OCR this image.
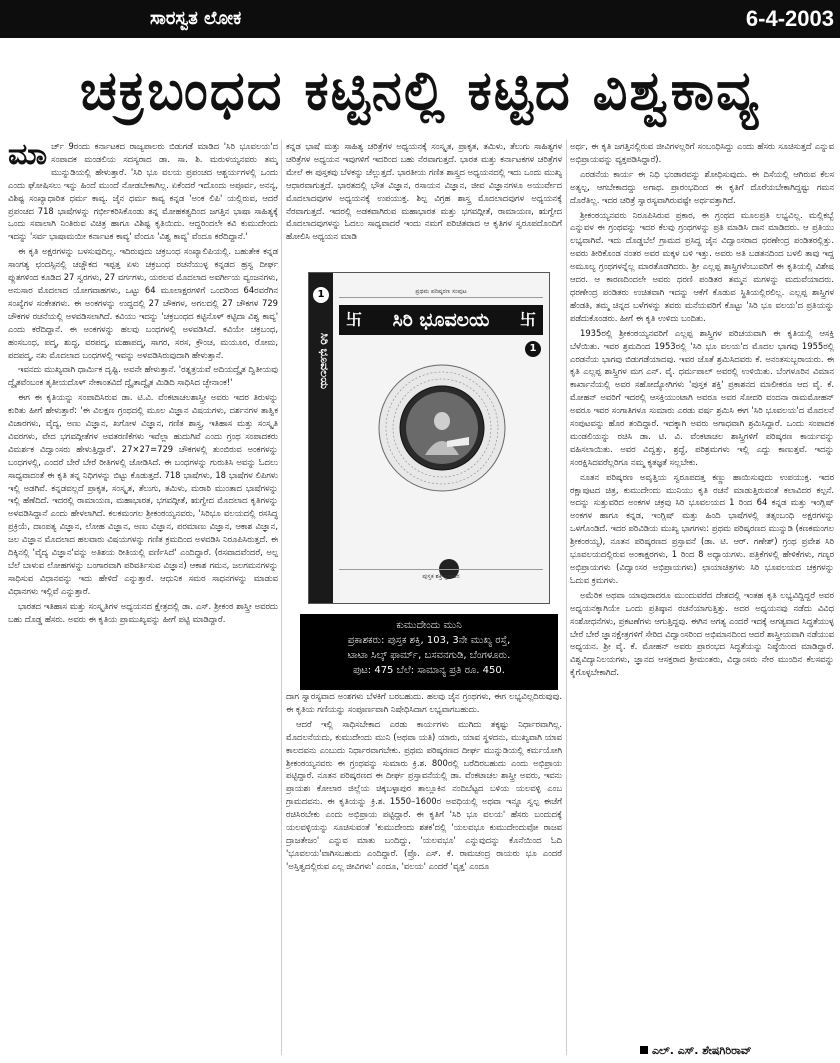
ಸಾರಸ್ವತ ಲೋಕ	6-4-2003
ಚಕ್ರಬಂಧದ ಕಟ್ಟಿನಲ್ಲಿ ಕಟ್ಟಿದ ವಿಶ್ವಕಾವ್ಯ

ಮಾರ್ಚ್ 9ರಂದು ಕರ್ನಾಟಕದ ರಾಜ್ಯಪಾಲರು ಬಿಡುಗಡೆ ಮಾಡಿದ 'ಸಿರಿ ಭೂವಲಯ'ದ ಸಂಪಾದಕ ಮಂಡಲಿಯ ಸದಸ್ಯರಾದ ಡಾ. ಸಾ. ಶಿ. ಮರುಳಯ್ಯನವರು ತಮ್ಮ ಮುನ್ನುಡಿಯಲ್ಲಿ ಹೇಳುತ್ತಾರೆ. 'ಸಿರಿ ಭೂ ವಲಯ ಪ್ರಪಂಚದ ಆಶ್ಚರ್ಯಗಳಲ್ಲಿ ಒಂದು ಎಂದು ಘೋಷಿಸಲು ಇನ್ನು ಹಿಂದೆ ಮುಂದೆ ನೋಡಬೇಕಾಗಿಲ್ಲ. ಏಕೆಂದರೆ ಇದೊಂದು ಅಪೂರ್ವ, ಅನನ್ಯ, ವಿಶಿಷ್ಟ ಸಂಖ್ಯಾಧಾರಿತ ಧರ್ಮ ಕಾವ್ಯ. ಜೈನ ಧರ್ಮ ಕಾವ್ಯ ಕನ್ನಡ 'ಅಂಕ ಲಿಪಿ' ಯಲ್ಲಿರುವ, ಆದರೆ ಪ್ರಪಂಚದ 718 ಭಾಷೆಗಳನ್ನು ಗರ್ಭೀಕರಿಸಿಕೊಂಡು ತನ್ನ ಮೋಹಕತ್ವದಿಂದ ಜಗತ್ತಿನ ಭಾಷಾ ಸಾಹಿತ್ಯಕ್ಕೆ ಒಂದು ಸವಾಲಾಗಿ ನಿಂತಿರುವ ವಿಚಿತ್ರ ಹಾಗೂ ವಿಶಿಷ್ಟ ಕೃತಿಯಿದು. ಆದ್ದರಿಂದಲೇ ಕವಿ ಕುಮುದೇಂದು ಇದನ್ನು 'ಸರ್ವ ಭಾಷಾಮಯೀ ಕರ್ನಾಟಕ ಕಾವ್ಯ' ವೆಂದೂ 'ವಿಶ್ವ ಕಾವ್ಯ' ವೆಂದೂ ಕರೆದಿದ್ದಾನೆ.'

ಈ ಕೃತಿ ಅಕ್ಷರಗಳನ್ನು ಬಳಸುವುದಿಲ್ಲ. ಇದಿರುವುದು ಚಕ್ರಬಂಧ ಸಂಖ್ಯಾಲಿಪಿಯಲ್ಲಿ. ಬಹುತೇಕ ಕನ್ನಡ ಸಾಂಗತ್ಯ ಛಂದಸ್ಸಿನಲ್ಲಿ ಚಚ್ಚೌಕದ ಇಪ್ಪತ್ತ ಏಳು ಚಕ್ರಬಂಧ ರಚನೆಯುಳ್ಳ ಕನ್ನಡದ ಹ್ರಸ್ವ ದೀರ್ಘ ಪ್ಲುತಗಳಿಂದ ಕೂಡಿದ 27 ಸ್ವರಗಳು, 27 ವರ್ಗಗಳು, ಯರಲವ ಮೊದಲಾದ ಅವರ್ಗೀಯ ವ್ಯಂಜನಗಳು, ಅನುಸಾರ ಮೊದಲಾದ ಯೋಗವಾಹಗಳು, ಒಟ್ಟು 64 ಮೂಲಾಕ್ಷರಗಳಿಗೆ ಒಂದರಿಂದ 64ರವರೆಗಿನ ಸಂಖ್ಯೆಗಳ ಸಂಕೇತಗಳು. ಈ ಅಂಕಗಳನ್ನು ಉದ್ದದಲ್ಲಿ 27 ಚೌಕಗಳ, ಅಗಲದಲ್ಲಿ 27 ಚೌಕಗಳ 729 ಚೌಕಗಳ ರಚನೆಯಲ್ಲಿ ಅಳವಡಿಸಲಾಗಿದೆ. ಕವಿಯು ಇದನ್ನು 'ಚಕ್ರಬಂಧದ ಕಟ್ಟಿನೊಳ್ ಕಟ್ಟಿದಾ ವಿಶ್ವ ಕಾವ್ಯ' ಎಂದು ಕರೆದಿದ್ದಾನೆ. ಈ ಅಂಕಗಳನ್ನು ಹಲವು ಬಂಧಗಳಲ್ಲಿ ಅಳವಡಿಸಿದೆ. ಕವಿಯೇ ಚಕ್ರಬಂಧ, ಹಂಸಬಂಧ, ಪದ್ಮ, ಶುದ್ಧ, ವರಪದ್ಮ, ಮಹಾಪದ್ಮ, ಸಾಗರ, ಸರಸ, ಕ್ರೌಂಚ, ಮಯೂರ, ರೋಮ, ಪದಪದ್ಮ, ನಖ ಮೊದಲಾದ ಬಂಧಗಳಲ್ಲಿ ಇವನ್ನು ಅಳವಡಿಸಿರುವುದಾಗಿ ಹೇಳುತ್ತಾನೆ.

ಇವನದು ಮುಖ್ಯವಾಗಿ ಧಾರ್ಮಿಕ ದೃಷ್ಟಿ. ಅವನೇ ಹೇಳುತ್ತಾನೆ. 'ರತ್ನತ್ರಯವೆ ಅದಿಯದ್ವೈತ ದ್ವಿತೀಯವು ದ್ವೈತವೆಂಬಂಕ ತೃತೀಯದೊಳ್ ನೇಕಾಂತವಿದೆ ದ್ವೈತಾದ್ವೈತ ಮಿಡಿದಿ ಸಾಧಿಸಿದ ಚ್ಛೇನಾಂಕ!'

ಈಗ ಈ ಕೃತಿಯನ್ನು ಸಂಪಾದಿಸಿರುವ ಡಾ. ಟಿ.ವಿ. ವೆಂಕಟಾಚಲಶಾಸ್ತ್ರೀ ಅವರು ಇದರ ತಿರುಳನ್ನು ಕುರಿತು ಹೀಗೆ ಹೇಳುತ್ತಾರೆ: 'ಈ ವಿಲಕ್ಷಣ ಗ್ರಂಥದಲ್ಲಿ ಮೂಲ ವಿಜ್ಞಾನ ವಿಷಯಗಳು, ದರ್ಶನಗಳ ತಾತ್ವಿಕ ವಿಚಾರಗಳು, ವೈದ್ಯ, ಅಣು ವಿಜ್ಞಾನ, ಖಗೋಳ ವಿಜ್ಞಾನ, ಗಣಿತ ಶಾಸ್ತ್ರ, ಇತಿಹಾಸ ಮತ್ತು ಸಂಸ್ಕೃತಿ ವಿವರಗಳು, ವೇದ ಭಗವದ್ಗೀತೆಗಳ ಅವತರಣಿಕೆಗಳು ಇವೆಲ್ಲಾ ಹುದುಗಿವೆ ಎಂದು ಗ್ರಂಥ ಸಂಪಾದಕರು ವಿಮರ್ಶಕ ವಿದ್ವಾಂಸರು ಹೇಳುತ್ತಿದ್ದಾರೆ'. 27×27=729 ಚೌಕಗಳಲ್ಲಿ ತುಂಬಿರುವ ಅಂಕಗಳನ್ನು ಬಂಧಗಳಲ್ಲಿ, ಎಂದರೆ ಬೇರೆ ಬೇರೆ ರೀತಿಗಳಲ್ಲಿ ಜೋಡಿಸಿದೆ. ಈ ಬಂಧಗಳನ್ನು ಗುರುತಿಸಿ ಅವನ್ನು ಓದಲು ಸಾಧ್ಯವಾದಂತೆ ಈ ಕೃತಿ ತನ್ನ ನಿಧಿಗಳನ್ನು ಬಿಟ್ಟು ಕೊಡುತ್ತದೆ. 718 ಭಾಷೆಗಳು, 18 ಭಾಷೆಗಳ ಲಿಪಿಗಳು ಇಲ್ಲಿ ಅಡಗಿವೆ. ಕನ್ನಡವಲ್ಲದೆ ಪ್ರಾಕೃತ, ಸಂಸ್ಕೃತ, ತೆಲುಗು, ತಮಿಳು, ಮರಾಠಿ ಮುಂತಾದ ಭಾಷೆಗಳನ್ನು ಇಲ್ಲಿ ಹೆಣೆದಿದೆ. ಇದರಲ್ಲಿ ರಾಮಾಯಣ, ಮಹಾಭಾರತ, ಭಗವದ್ಗೀತೆ, ಋಗ್ವೇದ ಮೊದಲಾದ ಕೃತಿಗಳನ್ನು ಅಳವಡಿಸಿದ್ದಾನೆ ಎಂದು ಹೇಳಲಾಗಿದೆ. ಕಲಕಮಂಗಲ ಶ್ರೀಕಂಠಯ್ಯನವರು, 'ಸಿರಿಭೂ ವಲಯದಲ್ಲಿ ರಸಸಿದ್ಧ ಪ್ರಕ್ರಿಯೆ, ದಾಂಪತ್ಯ ವಿಜ್ಞಾನ, ಲೋಹ ವಿಜ್ಞಾನ, ಅಣು ವಿಜ್ಞಾನ, ಪರಮಾಣು ವಿಜ್ಞಾನ, ಆಕಾಶ ವಿಜ್ಞಾನ, ಜಲ ವಿಜ್ಞಾನ ಮೊದಲಾದ ಹಲವಾರು ವಿಷಯಗಳನ್ನು ಗಣಿತ ಕ್ರಮದಿಂದ ಅಳವಡಿಸಿ ನಿರೂಪಿಸಿರುತ್ತದೆ. ಈ ದಿಕ್ಕಿನಲ್ಲಿ 'ವೈದ್ಯ ವಿಜ್ಞಾನ'ವನ್ನು ಅತಿಶಯ ರೀತಿಯಲ್ಲಿ ವರ್ಣಿಸಿದೆ' ಎಂದಿದ್ದಾರೆ. (ರಸವಾದವೆಂದರೆ, ಅಲ್ಪ ಬೆಲೆ ಬಾಳುವ ಲೋಹಗಳನ್ನು ಬಂಗಾರವಾಗಿ ಪರಿವರ್ತಿಸುವ ವಿಜ್ಞಾನ) ಆಕಾಶ ಗಮನ, ಜಲಗಮನಗಳನ್ನು ಸಾಧಿಸುವ ವಿಧಾನವನ್ನು ಇದು ಹೇಳಿದೆ ಎನ್ನುತ್ತಾರೆ. ಆಧುನಿಕ ಸಮರ ಸಾಧನಗಳನ್ನು ಮಾಡುವ ವಿಧಾನಗಳು ಇಲ್ಲಿವೆ ಎನ್ನುತ್ತಾರೆ.

ಭಾರತದ ಇತಿಹಾಸ ಮತ್ತು ಸಂಸ್ಕೃತಿಗಳ ಅಧ್ಯಯನದ ಕ್ಷೇತ್ರದಲ್ಲಿ ಡಾ. ಎಸ್. ಶ್ರೀಕಂಠ ಶಾಸ್ತ್ರೀ ಅವರದು ಬಹು ದೊಡ್ಡ ಹೆಸರು. ಅವರು ಈ ಕೃತಿಯ ಪ್ರಾಮುಖ್ಯವನ್ನು ಹೀಗೆ ಪಟ್ಟಿ ಮಾಡಿದ್ದಾರೆ.

ಕನ್ನಡ ಭಾಷೆ ಮತ್ತು ಸಾಹಿತ್ಯ ಚರಿತ್ರೆಗಳ ಅಧ್ಯಯನಕ್ಕೆ ಸಂಸ್ಕೃತ, ಪ್ರಾಕೃತ, ತಮಿಳು, ತೆಲುಗು ಸಾಹಿತ್ಯಗಳ ಚರಿತ್ರೆಗಳ ಅಧ್ಯಯನ ಇವುಗಳಿಗೆ ಇದರಿಂದ ಬಹು ನೆರವಾಗುತ್ತದೆ. ಭಾರತ ಮತ್ತು ಕರ್ನಾಟಕಗಳ ಚರಿತ್ರೆಗಳ ಮೇಲೆ ಈ ಪುಸ್ತಕವು ಬೆಳಕನ್ನು ಚೆಲ್ಲುತ್ತದೆ. ಭಾರತೀಯ ಗಣಿತ ಶಾಸ್ತ್ರದ ಅಧ್ಯಯನದಲ್ಲಿ ಇದು ಒಂದು ಮುಖ್ಯ ಆಧಾರವಾಗುತ್ತದೆ. ಭಾರತದಲ್ಲಿ ಭೌತ ವಿಜ್ಞಾನ, ರಸಾಯನ ವಿಜ್ಞಾನ, ಜೀವ ವಿಜ್ಞಾನಗಳೂ ಅಯುರ್ವೇದ ಮೊದಲಾದವುಗಳ ಅಧ್ಯಯನಕ್ಕೆ ಉಪಯುಕ್ತ. ಶಿಲ್ಪ ವಿಗ್ರಹ ಶಾಸ್ತ್ರ ಮೊದಲಾದವುಗಳ ಅಧ್ಯಯನಕ್ಕೆ ನೆರವಾಗುತ್ತದೆ. ಇದರಲ್ಲಿ ಅಡಕವಾಗಿರುವ ಮಹಾಭಾರತ ಮತ್ತು ಭಗವದ್ಗೀತೆ, ರಾಮಾಯಣ, ಋಗ್ವೇದ ಮೊದಲಾದವುಗಳನ್ನು ಓದಲು ಸಾಧ್ಯವಾದರೆ ಇಂದು ನಮಗೆ ಪರಿಚಿತವಾದ ಆ ಕೃತಿಗಳ ಸ್ವರೂಪದೊಂದಿಗೆ ಹೋಲಿಸಿ ಅಧ್ಯಯನ ಮಾಡಿ

1
ಸಿರಿ ಭೂವಲಯ
ಪ್ರಥಮ ಪರಿಷ್ಕರಣ ಸಂಪುಟ
卐 ಸಿರಿ ಭೂವಲಯ 卐
1
ಪುಸ್ತಕ ಶಕ್ತಿ ಪ್ರಕಾಶನ
ಕುಮುದೇಂದು ಮುನಿ
ಪ್ರಕಾಶಕರು: ಪುಸ್ತಕ ಶಕ್ತಿ, 103, 3ನೇ ಮುಖ್ಯ ರಸ್ತೆ,
ಟಾಟಾ ಸಿಲ್ಕ್ ಫಾರ್ಮ್, ಬಸವನಗುಡಿ, ಬೆಂಗಳೂರು.
ಪುಟ: 475 ಬೆಲೆ: ಸಾಮಾನ್ಯ ಪ್ರತಿ ರೂ. 450.

ದಾಗ ಸ್ವಾರಸ್ಯವಾದ ಅಂಶಗಳು ಬೆಳಕಿಗೆ ಬರಬಹುದು. ಹಲವು ಜೈನ ಗ್ರಂಥಗಳು, ಈಗ ಲಭ್ಯವಿಲ್ಲದಿರುವುವು. ಈ ಕೃತಿಯ ಗಣಿಯನ್ನು ಸಂಪೂರ್ಣವಾಗಿ ನಿಷೇಧಿಸಿದಾಗ ಲಭ್ಯವಾಗಬಹುದು.

ಆದರೆ ಇಲ್ಲಿ ಸಾಧಿಸಬೇಕಾದ ಎರಡು ಕಾರ್ಯಗಳು ಮುಗಿದು ತಕ್ಕಷ್ಟು ನಿರ್ಧಾರವಾಗಿಲ್ಲ. ಮೊದಲನೆಯದು, ಕುಮುದೇಂದು ಮುನಿ (ಅಥವಾ ಯತಿ) ಯಾರು, ಯಾವ ಸ್ಥಳದನು, ಮುಖ್ಯವಾಗಿ ಯಾವ ಕಾಲದವನು ಎಂಬುದು ನಿರ್ಧಾರವಾಗಬೇಕು. ಪ್ರಥಮ ಪರಿಷ್ಕರಣದ ದೀರ್ಘ ಮುನ್ನುಡಿಯಲ್ಲಿ ಕರ್ಮಯೋಗಿ ಶ್ರೀಕಂಠಯ್ಯನವರು ಈ ಗ್ರಂಥವನ್ನು ಸುಮಾರು ಕ್ರಿ.ಶ. 800ರಲ್ಲಿ ಬರೆದಿರಬಹುದು ಎಂದು ಅಭಿಪ್ರಾಯ ಪಟ್ಟಿದ್ದಾರೆ. ನೂತನ ಪರಿಷ್ಕರಣದ ಈ ದೀರ್ಘ ಪ್ರಸ್ತಾವನೆಯಲ್ಲಿ ಡಾ. ವೆಂಕಟಾಚಲ ಶಾಸ್ತ್ರೀ ಅವರು, ಇವನು ಪ್ರಾಯಶಃ ಕೋಲಾರ ಜಿಲ್ಲೆಯ ಚಿಕ್ಕಬಳ್ಳಾಪುರ ತಾಲ್ಲೂಕಿನ ನಂದಿಬೆಟ್ಟದ ಬಳಿಯ ಯಲವಳ್ಳಿ ಎಂಬ ಗ್ರಾಮದವನು. ಈ ಕೃತಿಯನ್ನು ಕ್ರಿ.ಶ. 1550–1600ರ ಅವಧಿಯಲ್ಲಿ ಅಥವಾ ಇನ್ನೂ ಸ್ವಲ್ಪ ಈಚೆಗೆ ರಚಿಸಿರಬೇಕು ಎಂದು ಅಭಿಪ್ರಾಯ ಪಟ್ಟಿದ್ದಾರೆ. ಈ ಕೃತಿಗೆ 'ಸಿರಿ ಭೂ ವಲಯ' ಹೆಸರು ಬಂದುದಕ್ಕೆ ಯಲವಳ್ಳಿಯನ್ನು ಸೂಚಿಸುವಂತೆ 'ಕುಮುದೇಂದು ಶತಕ'ದಲ್ಲಿ 'ಯಲವಭೂ ಕುಮುದೇಂದುವೋ ರಾಜವ ದ್ರಾಜತೇಜಂ' ಎನ್ನುವ ಮಾತು ಬಂದಿದ್ದು, 'ಯಲವಭೂ' ಎನ್ನುವುದನ್ನು ಕೊನೆಯಿಂದ ಓದಿ 'ಭೂವಲಯ'ವಾಗಿಸಬಹುದು ಎಂದಿದ್ದಾರೆ. (ಪ್ರೊ. ಎಸ್. ಕೆ. ರಾಮಚಂದ್ರ ರಾಯರು ಭೂ ಎಂದರೆ 'ಅಸ್ತಿತ್ವದಲ್ಲಿರುವ ಎಲ್ಲ ಜೀವಿಗಳು' ಎಂದೂ, 'ವಲಯ' ಎಂದರೆ 'ವೃತ್ತ' ಎಂದೂ

ಅರ್ಥ, ಈ ಕೃತಿ ಜಗತ್ತಿನಲ್ಲಿರುವ ಜೀವಿಗಳಲ್ಲರಿಗೆ ಸಂಬಂಧಿಸಿದ್ದು ಎಂದು ಹೆಸರು ಸೂಚಿಸುತ್ತದೆ ಎನ್ನುವ ಅಭಿಪ್ರಾಯವನ್ನು ವ್ಯಕ್ತಪಡಿಸಿದ್ದಾರೆ).

ಎರಡನೆಯ ಕಾರ್ಯ ಈ ನಿಧಿ ಭಂಡಾರವನ್ನು ಶೋಧಿಸುವುದು. ಈ ದಿಸೆಯಲ್ಲಿ ಆಗಿರುವ ಕೆಲಸ ಅತ್ಯಲ್ಪ, ಆಗಬೇಕಾದದ್ದು ಅಗಾಧ. ಪ್ರಾರಂಭದಿಂದ ಈ ಕೃತಿಗೆ ದೊರೆಯಬೇಕಾಗಿದ್ದಷ್ಟು ಗಮನ ದೊರೆತಿಲ್ಲ. ಇದರ ಚರಿತ್ರೆ ಸ್ವಾರಸ್ಯವಾಗಿರುವಷ್ಟೇ ಅರ್ಥವತ್ತಾಗಿದೆ.

ಶ್ರೀಕಂಠಯ್ಯನವರು ನಿರೂಪಿಸಿರುವ ಪ್ರಕಾರ, ಈ ಗ್ರಂಥದ ಮೂಲಪ್ರತಿ ಲಭ್ಯವಿಲ್ಲ. ಮಲ್ಲಿಕಬ್ಬೆ ಎನ್ನುವಳ ಈ ಗ್ರಂಥವನ್ನು ಇದರ ಕೆಲವು ಗ್ರಂಥಗಳನ್ನು ಪ್ರತಿ ಮಾಡಿಸಿ ದಾನ ಮಾಡಿದರು. ಆ ಪ್ರತಿಯು ಲಭ್ಯವಾಗಿವೆ. ಇದು ದೊಡ್ಡಬೆಲೆ ಗ್ರಾಮದ ಪ್ರಸಿದ್ಧ ಜೈನ ವಿದ್ವಾಂಸರಾದ ಧರಣೇಂದ್ರ ಪಂಡಿತರಲ್ಲಿತ್ತು. ಅವರು ತೀರಿಕೊಂಡ ನಂತರ ಅವರ ಮಕ್ಕಳ ಬಳಿ ಇತ್ತು. ಅವರು ಅತಿ ಬಡತನದಿಂದ ಬಳಲಿ ತಾವು ಇದ್ದ ಅಮೂಲ್ಯ ಗ್ರಂಥಗಳನ್ನೆಲ್ಲ ಮಾರತೊಡಗಿದರು. ಶ್ರೀ ಎಲ್ಲಪ್ಪ ಶಾಸ್ತ್ರಿಗಳೆಂಬುವರಿಗೆ ಈ ಕೃತಿಯಲ್ಲಿ ವಿಶೇಷ ಆದರ. ಆ ಕಾರಣದಿಂದಲೇ ಅವರು ಧರಣಿ ಪಂಡಿತರ ತಮ್ಮನ ಮಗಳನ್ನು ಮದುವೆಯಾದರು. ಧರಣೇಂದ್ರ ಪಂಡಿತರು ಉಚಿತವಾಗಿ ಇದನ್ನು ಆಕೆಗೆ ಕೊಡುವ ಸ್ಥಿತಿಯಲ್ಲಿರಲಿಲ್ಲ. ಎಲ್ಲಪ್ಪ ಶಾಸ್ತ್ರಿಗಳ ಹೆಂಡತಿ, ತಮ್ಮ ಚಿನ್ನದ ಬಳೆಗಳನ್ನು ತವರು ಮನೆಯವರಿಗೆ ಕೊಟ್ಟು 'ಸಿರಿ ಭೂ ವಲಯ'ದ ಪ್ರತಿಯನ್ನು ಪಡೆದುಕೊಂಡರು. ಹೀಗೆ ಈ ಕೃತಿ ಉಳಿದು ಬಂದಿತು.

1935ರಲ್ಲಿ ಶ್ರೀಕಂಠಯ್ಯನವರಿಗೆ ಎಲ್ಲಪ್ಪ ಶಾಸ್ತ್ರಿಗಳ ಪರಿಚಯವಾಗಿ ಈ ಕೃತಿಯಲ್ಲಿ ಆಸಕ್ತಿ ಬೆಳೆಯಿತು. ಇವರ ಶ್ರಮದಿಂದ 1953ರಲ್ಲಿ 'ಸಿರಿ ಭೂ ವಲಯ'ದ ಮೊದಲ ಭಾಗವು 1955ರಲ್ಲಿ ಎರಡನೆಯ ಭಾಗವು ಬಿಡುಗಡೆಯಾದವು. ಇವರ ಜೊತೆ ಶ್ರಮಿಸಿದವರು ಕೆ. ಅನಂತಸುಬ್ಬರಾಯರು. ಈ ಕೃತಿ ಎಲ್ಲಪ್ಪ ಶಾಸ್ತ್ರಿಗಳ ಮಗ ಎನ್. ವೈ. ಧರ್ಮಪಾಲ್ ಅವರಲ್ಲಿ ಉಳಿಯಿತು. ಬೆಂಗಳೂರಿನ ವಿಮಾನ ಕಾರ್ಖಾನೆಯಲ್ಲಿ ಅವರ ಸಹೋದ್ಯೋಗಿಗಳು 'ಪುಸ್ತಕ ಶಕ್ತಿ' ಪ್ರಕಾಶನದ ಮಾಲೀಕರೂ ಆದ ವೈ. ಕೆ. ಮೋಹನ್ ಅವರಿಗೆ ಇದರಲ್ಲಿ ಆಸಕ್ತಿಯುಂಟಾಗಿ ಅವರೂ ಅವರ ಸೋದರಿ ವಂದನಾ ರಾಮಮೋಹನ್ ಅವರೂ ಇವರ ಸಂಗಾತಿಗಳೂ ಸುಮಾರು ಎರಡು ವರ್ಷ ಶ್ರಮಿಸಿ ಈಗ 'ಸಿರಿ ಭೂವಲಯ'ದ ಮೊದಲನೆ ಸಂಪುಟವನ್ನು ಹೊರ ತಂದಿದ್ದಾರೆ. ಇದಕ್ಕಾಗಿ ಅವರು ಅಗಾಧವಾಗಿ ಶ್ರಮಿಸಿದ್ದಾರೆ. ಒಂದು ಸಂಪಾದಕ ಮಂಡಲಿಯನ್ನು ರಚಿಸಿ ಡಾ. ಟಿ. ವಿ. ವೆಂಕಟಾಚಲ ಶಾಸ್ತ್ರಿಗಳಿಗೆ ಪರಿಷ್ಕರಣ ಕಾರ್ಯವನ್ನು ವಹಿಸಲಾಯಿತು. ಅವರ ವಿದ್ವತ್ತು, ಶ್ರದ್ಧೆ, ಪರಿಶ್ರಮಗಳು ಇಲ್ಲಿ ಎದ್ದು ಕಾಣುತ್ತವೆ. ಇದನ್ನು ಸಂರಕ್ಷಿಸಿದವರೆಲ್ಲರಿಗೂ ನಮ್ಮ ಕೃತಜ್ಞತೆ ಸಲ್ಲಬೇಕು.

ನೂತನ ಪರಿಷ್ಕರಣ ಅವೃತ್ತಿಯ ಸ್ವರೂಪದತ್ತ ಕಣ್ಣು ಹಾಯಿಸುವುದು ಉಪಯುಕ್ತ. ಇದರ ರಕ್ಷಾಪುಟದ ಚಿತ್ರ, ಕುಮುದೇಂದು ಮುನಿಯು ಕೃತಿ ರಚನೆ ಮಾಡುತ್ತಿರುವಂತೆ ಕಲಾವಿದರ ಕಲ್ಪನೆ. ಅದನ್ನು ಸುತ್ತುವರಿದ ಅಂಕಗಳ ಚಕ್ರವು ಸಿರಿ ಭೂವಲಯದ 1 ರಿಂದ 64 ಕನ್ನಡ ಮತ್ತು ಇಂಗ್ಲಿಷ್ ಅಂಕಗಳ ಹಾಗೂ ಕನ್ನಡ, ಇಂಗ್ಲಿಷ್ ಮತ್ತು ಹಿಂದಿ ಭಾಷೆಗಳಲ್ಲಿ ತತ್ಸಂಬಂಧಿ ಅಕ್ಷರಗಳನ್ನು ಒಳಗೊಂಡಿದೆ. ಇದರ ಪರಿವಿಡಿಯ ಮುಖ್ಯ ಭಾಗಗಳು: ಪ್ರಥಮ ಪರಿಷ್ಕರಣದ ಮುನ್ನುಡಿ (ಕಣಕಮಂಗಲ ಶ್ರೀಕಂಠಯ್ಯ), ನೂತನ ಪರಿಷ್ಕರಣದ ಪ್ರಸ್ತಾವನೆ (ಡಾ. ಟಿ. ಆರ್. ಗಣೇಶ್) ಗ್ರಂಥ ಪ್ರವೇಶ ಸಿರಿ ಭೂವಲಯದಲ್ಲಿರುವ ಅಂಕಾಕ್ಷರಗಳು, 1 ರಿಂದ 8 ಅಧ್ಯಾಯಗಳು. ಪತ್ರಿಕೆಗಳಲ್ಲಿ ಹೇಳಿಕೆಗಳು, ಗಣ್ಯರ ಅಭಿಪ್ರಾಯಗಳು (ವಿದ್ವಾಂಸರ ಅಭಿಪ್ರಾಯಗಳು) ಛಾಯಾಚಿತ್ರಗಳು ಸಿರಿ ಭೂವಲಯದ ಚಕ್ರಗಳನ್ನು ಓದುವ ಕ್ರಮಗಳು.

ಅಮೆರಿಕ ಅಥವಾ ಯಾವುದಾದರೂ ಮುಂದುವರೆದ ದೇಶದಲ್ಲಿ ಇಂತಹ ಕೃತಿ ಲಭ್ಯವಿದ್ದಿದ್ದರೆ ಅವರ ಅಧ್ಯಯನಕ್ಕಾಗಿಯೇ ಒಂದು ಪ್ರತಿಷ್ಠಾನ ರಚನೆಯಾಗುತ್ತಿತ್ತು. ಅದರ ಅಧ್ಯಯನವು ನಡೆದು ವಿವಿಧ ಸಂಶೋಧನೆಗಳು, ಪ್ರಕಟಣೆಗಳು ಆಗುತ್ತಿದ್ದವು. ಈಗಿನ ಅಗತ್ಯ ಎಂದರೆ ಇದಕ್ಕೆ ಅಗತ್ಯವಾದ ಸಿದ್ಧತೆಯುಳ್ಳ ಬೇರೆ ಬೇರೆ ಜ್ಞಾನಕ್ಷೇತ್ರಗಳಿಗೆ ಸೇರಿದ ವಿದ್ವಾಂಸರಿಂದ ಅಭಿಮಾನದಿಂದ ಆದರೆ ಶಾಸ್ತ್ರೀಯವಾಗಿ ನಡೆಯುವ ಅಧ್ಯಯನ. ಶ್ರೀ ವೈ. ಕೆ. ಮೋಹನ್ ಅವರು ಪ್ರಾರಂಭದ ಸಿದ್ಧತೆಯನ್ನು ನಿಷ್ಠೆಯಿಂದ ಮಾಡಿದ್ದಾರೆ. ವಿಶ್ವವಿದ್ಯಾನಿಲಯಗಳು, ಜ್ಞಾನದ ಆಸಕ್ತರಾದ ಶ್ರೀಮಂತರು, ವಿದ್ವಾಂಸರು ನೇರ ಮುಂದಿನ ಕೆಲಸವನ್ನು ಕೈಗೊಳ್ಳಬೇಕಾಗಿದೆ.

ಎಲ್. ಎಸ್. ಶೇಷಗಿರಿರಾವ್
